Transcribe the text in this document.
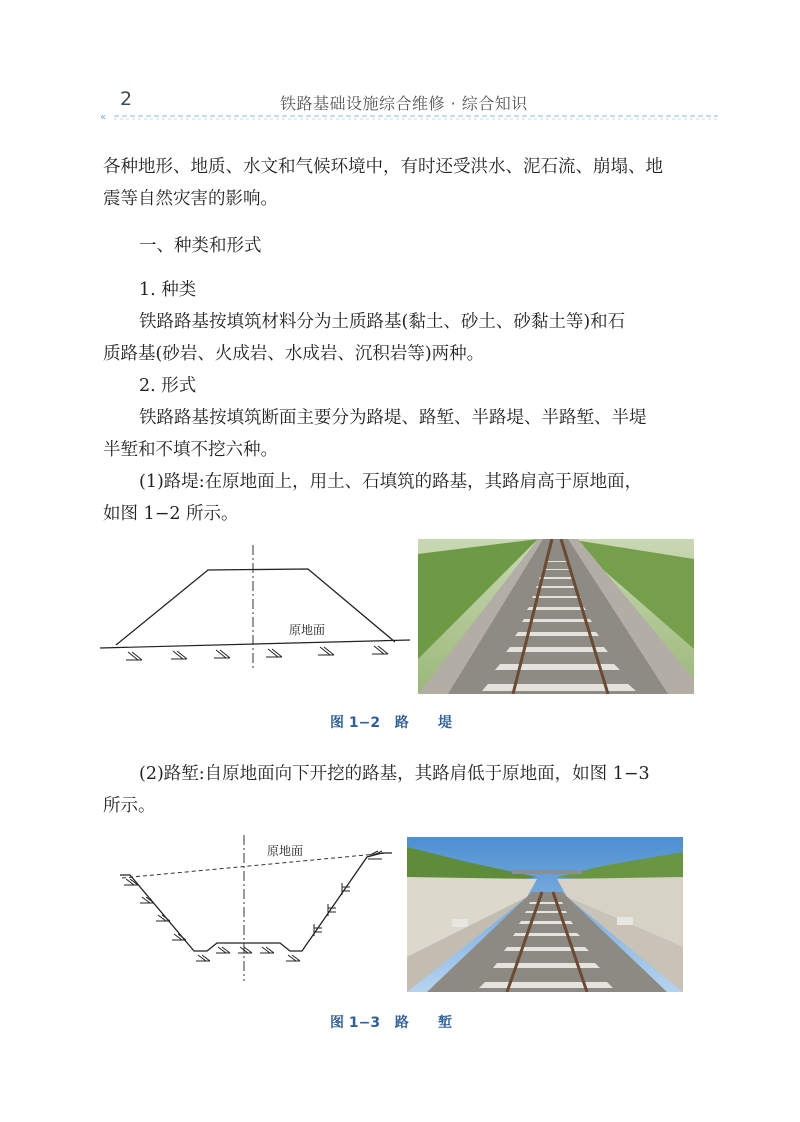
2	铁路基础设施综合维修 · 综合知识
«

各种地形、地质、水文和气候环境中，有时还受洪水、泥石流、崩塌、地

震等自然灾害的影响。

一、种类和形式

1. 种类

铁路路基按填筑材料分为土质路基(黏土、砂土、砂黏土等)和石

质路基(砂岩、火成岩、水成岩、沉积岩等)两种。

2. 形式

铁路路基按填筑断面主要分为路堤、路堑、半路堤、半路堑、半堤

半堑和不填不挖六种。

(1)路堤:在原地面上，用土、石填筑的路基，其路肩高于原地面，

如图 1−2 所示。

原地面
图 1−2   路      堤

(2)路堑:自原地面向下开挖的路基，其路肩低于原地面，如图 1−3

所示。

原地面
图 1−3   路      堑
